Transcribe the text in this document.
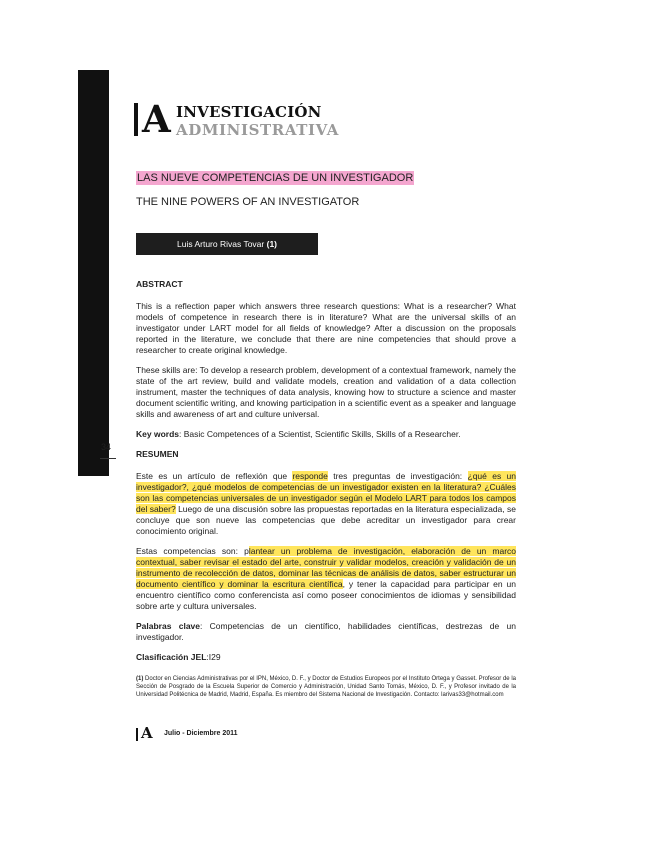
34
A INVESTIGACIÓN
ADMINISTRATIVA
LAS NUEVE COMPETENCIAS DE UN INVESTIGADOR
THE NINE POWERS OF AN INVESTIGATOR
Luis Arturo Rivas Tovar (1)
ABSTRACT
This is a reflection paper which answers three research questions: What is a researcher? What models of competence in research there is in literature? What are the universal skills of an investigator under LART model for all fields of knowledge? After a discussion on the proposals reported in the literature, we conclude that there are nine competencies that should prove a researcher to create original knowledge.
These skills are: To develop a research problem, development of a contextual framework, namely the state of the art review, build and validate models, creation and validation of a data collection instrument, master the techniques of data analysis, knowing how to structure a science and master document scientific writing, and knowing participation in a scientific event as a speaker and language skills and awareness of art and culture universal.
Key words: Basic Competences of a Scientist, Scientific Skills, Skills of a Researcher.
RESUMEN
Este es un artículo de reflexión que responde tres preguntas de investigación: ¿qué es un investigador?, ¿qué modelos de competencias de un investigador existen en la literatura? ¿Cuáles son las competencias universales de un investigador según el Modelo LART para todos los campos del saber? Luego de una discusión sobre las propuestas reportadas en la literatura especializada, se concluye que son nueve las competencias que debe acreditar un investigador para crear conocimiento original.
Estas competencias son: plantear un problema de investigación, elaboración de un marco contextual, saber revisar el estado del arte, construir y validar modelos, creación y validación de un instrumento de recolección de datos, dominar las técnicas de análisis de datos, saber estructurar un documento científico y dominar la escritura científica, y tener la capacidad para participar en un encuentro científico como conferencista así como poseer conocimientos de idiomas y sensibilidad sobre arte y cultura universales.
Palabras clave: Competencias de un científico, habilidades científicas, destrezas de un investigador.
Clasificación JEL:I29
(1) Doctor en Ciencias Administrativas por el IPN, México, D. F., y Doctor de Estudios Europeos por el Instituto Ortega y Gasset. Profesor de la Sección de Posgrado de la Escuela Superior de Comercio y Administración, Unidad Santo Tomás, México, D. F., y Profesor invitado de la Universidad Politécnica de Madrid, Madrid, España. Es miembro del Sistema Nacional de Investigación. Contacto: larivas33@hotmail.com
A Julio - Diciembre 2011
